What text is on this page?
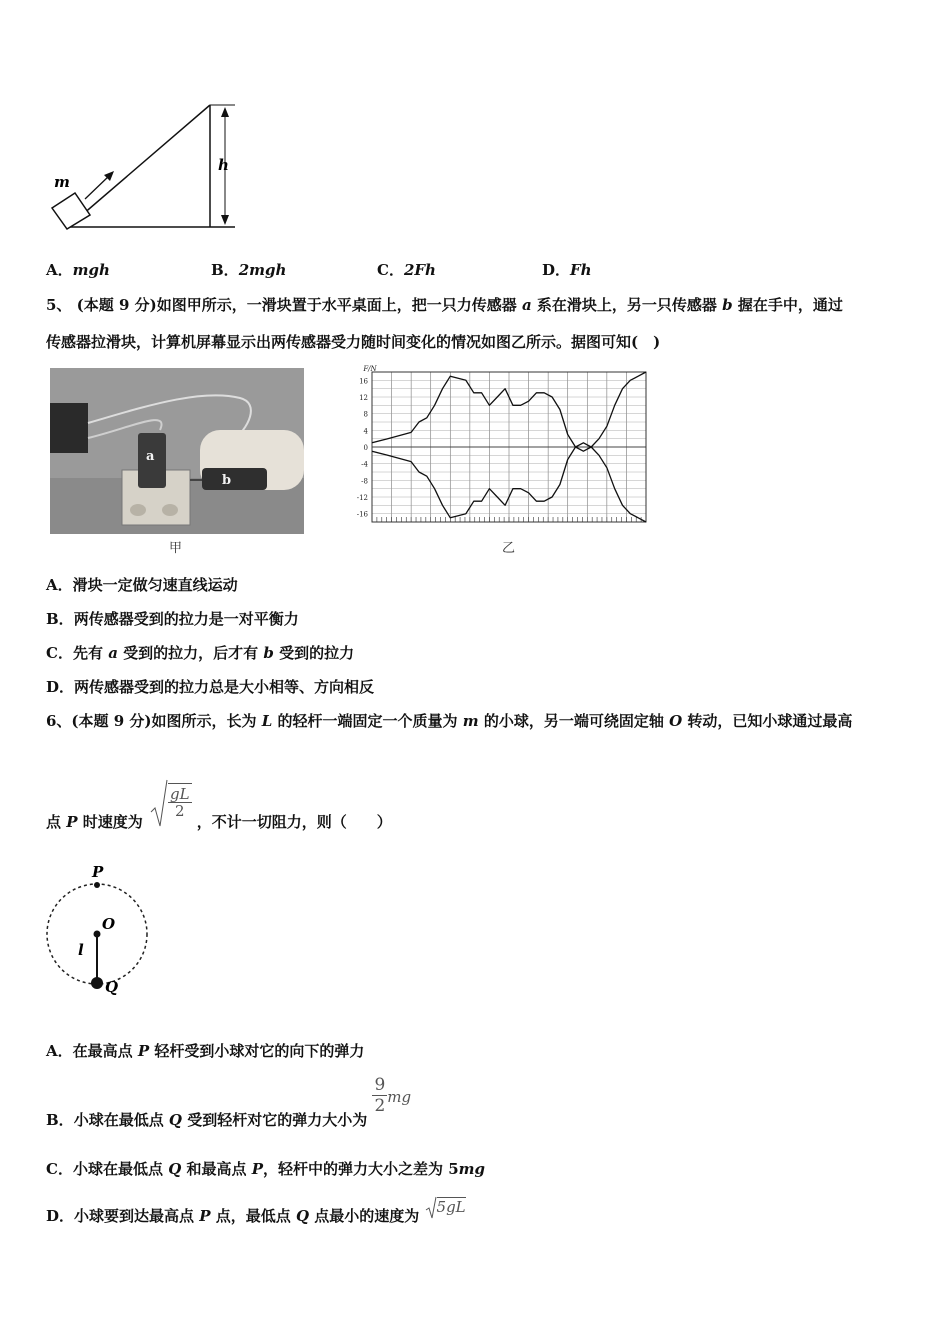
m
h
A．mgh	B．2mgh	C．2Fh	D．Fh
5、 (本题 9 分)如图甲所示，一滑块置于水平桌面上，把一只力传感器 a 系在滑块上，另一只传感器 b 握在手中，通过
传感器拉滑块，计算机屏幕显示出两传感器受力随时间变化的情况如图乙所示。据图可知(　)
a
b
甲
16
12
8
4
0
-4
-8
-12
-16
F/N
乙
A．滑块一定做匀速直线运动
B．两传感器受到的拉力是一对平衡力
C．先有 a 受到的拉力，后才有 b 受到的拉力
D．两传感器受到的拉力总是大小相等、方向相反
6、(本题 9 分)如图所示，长为 L 的轻杆一端固定一个质量为 m 的小球，另一端可绕固定轴 O 转动，已知小球通过最高
点 P 时速度为
$\frac{gL}{2}$
，不计一切阻力，则（　　）
P
O
l
Q
A．在最高点 P 轻杆受到小球对它的向下的弹力
B．小球在最低点 Q 受到轻杆对它的弹力大小为
$\frac{9}{2}$ mg
C．小球在最低点 Q 和最高点 P，轻杆中的弹力大小之差为 5mg
D．小球要到达最高点 P 点，最低点 Q 点最小的速度为 5gL
